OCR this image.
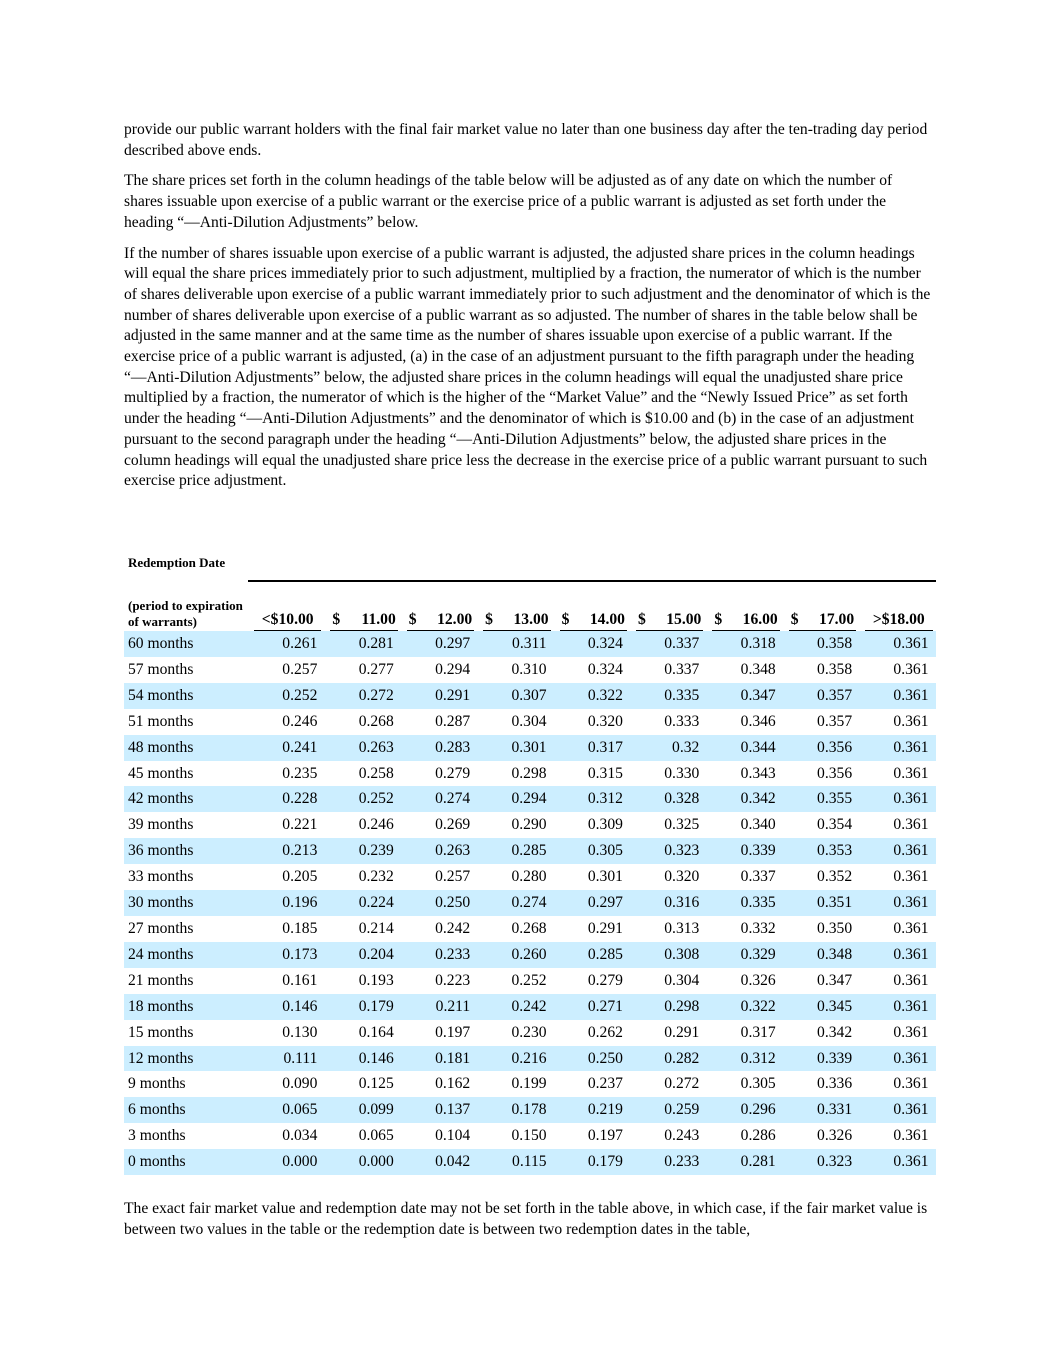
provide our public warrant holders with the final fair market value no later than one business day after the ten-trading day period described above ends.

The share prices set forth in the column headings of the table below will be adjusted as of any date on which the number of shares issuable upon exercise of a public warrant or the exercise price of a public warrant is adjusted as set forth under the heading “—Anti-Dilution Adjustments” below.

If the number of shares issuable upon exercise of a public warrant is adjusted, the adjusted share prices in the column headings will equal the share prices immediately prior to such adjustment, multiplied by a fraction, the numerator of which is the number of shares deliverable upon exercise of a public warrant immediately prior to such adjustment and the denominator of which is the number of shares deliverable upon exercise of a public warrant as so adjusted. The number of shares in the table below shall be adjusted in the same manner and at the same time as the number of shares issuable upon exercise of a public warrant. If the exercise price of a public warrant is adjusted, (a) in the case of an adjustment pursuant to the fifth paragraph under the heading “—Anti-Dilution Adjustments” below, the adjusted share prices in the column headings will equal the unadjusted share price multiplied by a fraction, the numerator of which is the higher of the “Market Value” and the “Newly Issued Price” as set forth under the heading “—Anti-Dilution Adjustments” and the denominator of which is $10.00 and (b) in the case of an adjustment pursuant to the second paragraph under the heading “—Anti-Dilution Adjustments” below, the adjusted share prices in the column headings will equal the unadjusted share price less the decrease in the exercise price of a public warrant pursuant to such exercise price adjustment.

Redemption Date									
(period to expiration of warrants)	<$10.00	$ 11.00	$ 12.00	$ 13.00	$ 14.00	$ 15.00	$ 16.00	$ 17.00	>$18.00

60 months	0.261	0.281	0.297	0.311	0.324	0.337	0.318	0.358	0.361
57 months	0.257	0.277	0.294	0.310	0.324	0.337	0.348	0.358	0.361
54 months	0.252	0.272	0.291	0.307	0.322	0.335	0.347	0.357	0.361
51 months	0.246	0.268	0.287	0.304	0.320	0.333	0.346	0.357	0.361
48 months	0.241	0.263	0.283	0.301	0.317	0.32	0.344	0.356	0.361
45 months	0.235	0.258	0.279	0.298	0.315	0.330	0.343	0.356	0.361
42 months	0.228	0.252	0.274	0.294	0.312	0.328	0.342	0.355	0.361
39 months	0.221	0.246	0.269	0.290	0.309	0.325	0.340	0.354	0.361
36 months	0.213	0.239	0.263	0.285	0.305	0.323	0.339	0.353	0.361
33 months	0.205	0.232	0.257	0.280	0.301	0.320	0.337	0.352	0.361
30 months	0.196	0.224	0.250	0.274	0.297	0.316	0.335	0.351	0.361
27 months	0.185	0.214	0.242	0.268	0.291	0.313	0.332	0.350	0.361
24 months	0.173	0.204	0.233	0.260	0.285	0.308	0.329	0.348	0.361
21 months	0.161	0.193	0.223	0.252	0.279	0.304	0.326	0.347	0.361
18 months	0.146	0.179	0.211	0.242	0.271	0.298	0.322	0.345	0.361
15 months	0.130	0.164	0.197	0.230	0.262	0.291	0.317	0.342	0.361
12 months	0.111	0.146	0.181	0.216	0.250	0.282	0.312	0.339	0.361
9 months	0.090	0.125	0.162	0.199	0.237	0.272	0.305	0.336	0.361
6 months	0.065	0.099	0.137	0.178	0.219	0.259	0.296	0.331	0.361
3 months	0.034	0.065	0.104	0.150	0.197	0.243	0.286	0.326	0.361
0 months	0.000	0.000	0.042	0.115	0.179	0.233	0.281	0.323	0.361

The exact fair market value and redemption date may not be set forth in the table above, in which case, if the fair market value is between two values in the table or the redemption date is between two redemption dates in the table,
